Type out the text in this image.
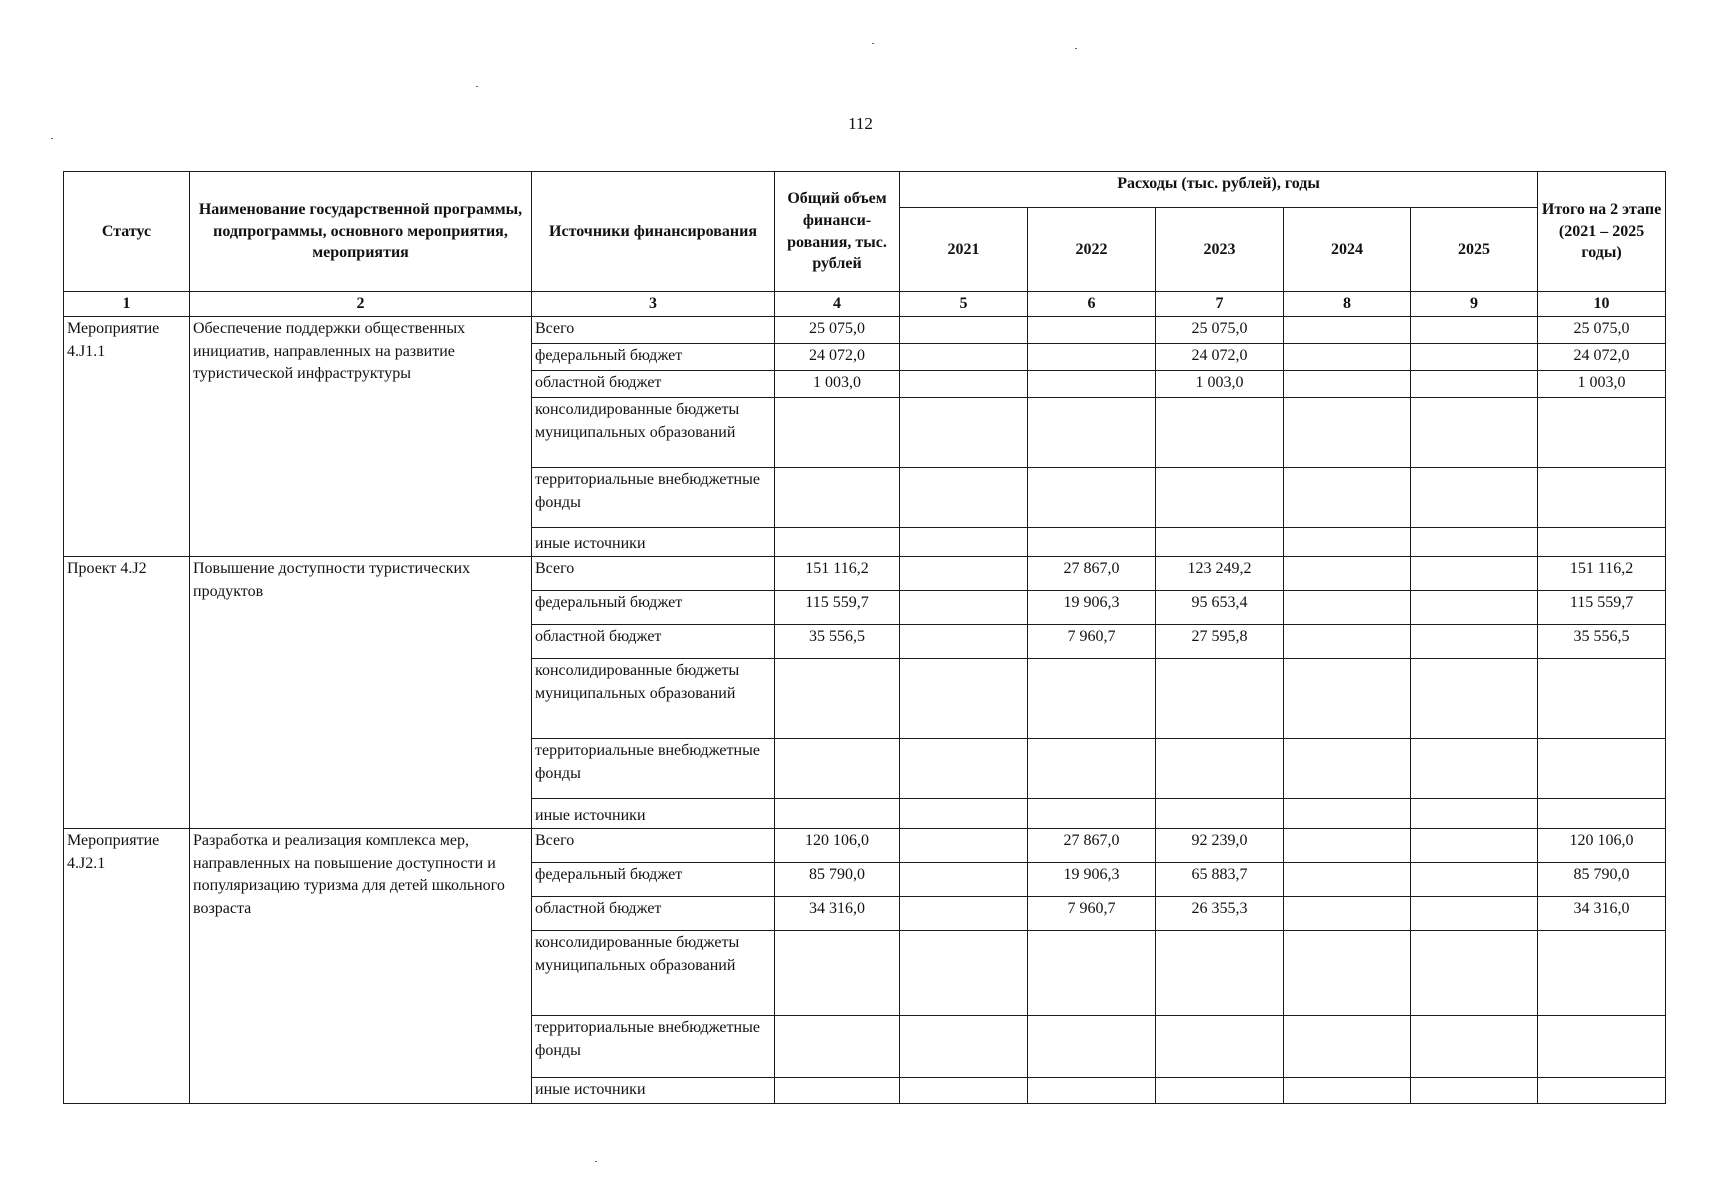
112
Статус	Наименование государственной программы, подпрограммы, основного мероприятия, мероприятия	Источники финансирования	Общий объем финанси-рования, тыс. рублей	Расходы (тыс. рублей), годы					Итого на 2 этапе (2021 – 2025 годы)
				2021	2022	2023	2024	2025	
1	2	3	4	5	6	7	8	9	10
Мероприятие 4.J1.1	Обеспечение поддержки общественных инициатив, направленных на развитие туристической инфраструктуры	Всего	25 075,0			25 075,0			25 075,0
		федеральный бюджет	24 072,0			24 072,0			24 072,0
		областной бюджет	1 003,0			1 003,0			1 003,0
		консолидированные бюджеты муниципальных образований							
		территориальные внебюджетные фонды							
		иные источники							
Проект 4.J2	Повышение доступности туристических продуктов	Всего	151 116,2		27 867,0	123 249,2			151 116,2
		федеральный бюджет	115 559,7		19 906,3	95 653,4			115 559,7
		областной бюджет	35 556,5		7 960,7	27 595,8			35 556,5
		консолидированные бюджеты муниципальных образований							
		территориальные внебюджетные фонды							
		иные источники							
Мероприятие 4.J2.1	Разработка и реализация комплекса мер, направленных на повышение доступности и популяризацию туризма для детей школьного возраста	Всего	120 106,0		27 867,0	92 239,0			120 106,0
		федеральный бюджет	85 790,0		19 906,3	65 883,7			85 790,0
		областной бюджет	34 316,0		7 960,7	26 355,3			34 316,0
		консолидированные бюджеты муниципальных образований							
		территориальные внебюджетные фонды							
		иные источники							
